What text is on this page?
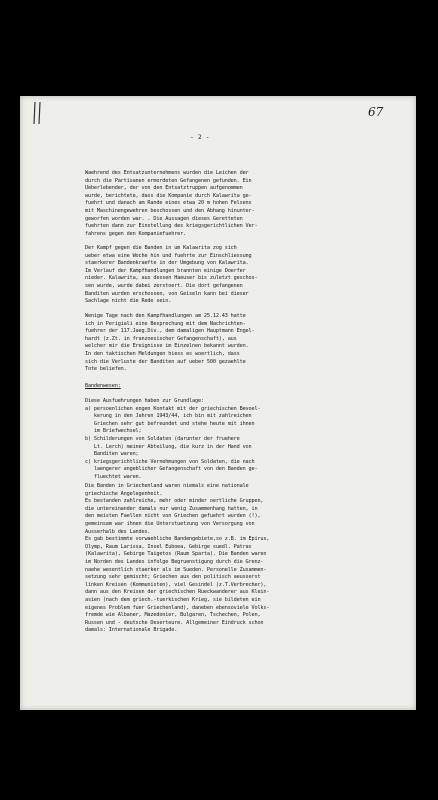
67
- 2 -
Waehrend des Entsatzunternehmens wurden die Leichen der
durch die Partisanen ermordeten Gefangenen gefunden. Ein
Ueberlebender, der von den Entsatztruppen aufgenommen
wurde, berichtete, dass die Kompanie durch Kalawrita ge-
fuehrt und danach am Rande eines etwa 20 m hohen Felsens
mit Maschinengewehren beschossen und den Abhang hinunter-
geworfen worden war. . Die Aussagen dieses Geretteten
fuehrten dann zur Einstellung des kriegsgerichtlichen Ver-
fahrens gegen den Kompaniefuehrer.
Der Kampf gegen die Banden in um Kalawrita zog sich
ueber etwa eine Woche hin und fuehrte zur Einschliessung
staerkerer Bandenkraefte in der Umgebung von Kalawrita.
Im Verlauf der Kampfhandlungen brannten einige Doerfer
nieder. Kalawrita, aus dessen Haeuser bis zuletzt geschos-
sen wurde, wurde dabei zerstoert. Die dort gefangenen
Banditen wurden erschossen, von Geiseln kann bei dieser
Sachlage nicht die Rede sein.
Wenige Tage nach den Kampfhandlungen am 25.12.43 hatte
ich in Perigiali eine Besprechung mit dem Nachrichten-
fuehrer der 117.Jaeg.Div., dem damaligen Hauptmann Engel-
hardt (z.Zt. in franzoesischer Gefangenschaft), aus
welcher mir die Ereignisse im Einzelnen bekannt wurden.
In den taktischen Meldungen hiess es woertlich, dass
sich die Verluste der Banditen auf ueber 500 gezaehlte
Tote beliefen.
Bandenwesen:
Diese Ausfuehrungen haben zur Grundlage:
a) persoenlichen engen Kontakt mit der griechischen Bevoel-
kerung in den Jahren 1943/44, ich bin mit zahlreichen
Griechen sehr gut befreundet und stehe heute mit ihnen
im Briefwechsel;
b) Schilderungen von Soldaten (darunter der fruehere
Lt. Lerch) meiner Abteilung, die kurz in der Hand von
Banditen waren;
c) kriegsgerichtliche Vernehmungen von Soldaten, die nach
laengerer angeblicher Gefangenschaft von den Banden ge-
fluechtet waren.
Die Banden in Griechenland waren niemals eine nationale
griechische Angelegenheit.
Es bestanden zahlreiche, mehr oder minder oertliche Gruppen,
die untereinander damals nur wenig Zusammenhang hatten, in
den meisten Faellen nicht von Griechen gefuehrt wurden (!),
gemeinsam war ihnen die Unterstuetzung von Versorgung von
Ausserhalb des Landes.
Es gab bestimmte vorwaehliche Bandengebiete,so z.B. im Epirus,
Olymp, Raum Larissa, Insel Euboea, Gebirge suedl. Patras
(Kalawrita), Gebirge Taigetos (Raum Sparta). Die Banden waren
im Norden des Landes infolge Begruenstigung durch die Grenz-
naehe wesentlich staerker als im Sueden. Personelle Zusammen-
setzung sehr gemischt; Griechen aus den politisch aeusserst
linken Kreisen (Kommunisten), viel Gesindel (z.T.Verbrecher),
dann aus den Kreisen der griechischen Rueckwanderer aus Klein-
asien (nach dem griech.-tuerkischen Krieg, sie bildeten ein
eigenes Problem fuer Griechenland), daneben ebensoviele Volks-
fremde wie Albaner, Mazedonier, Bulgaren, Tschechen, Polen,
Russen und - deutsche Deserteure. Allgemeiner Eindruck schon
damals: Internationale Brigade.
